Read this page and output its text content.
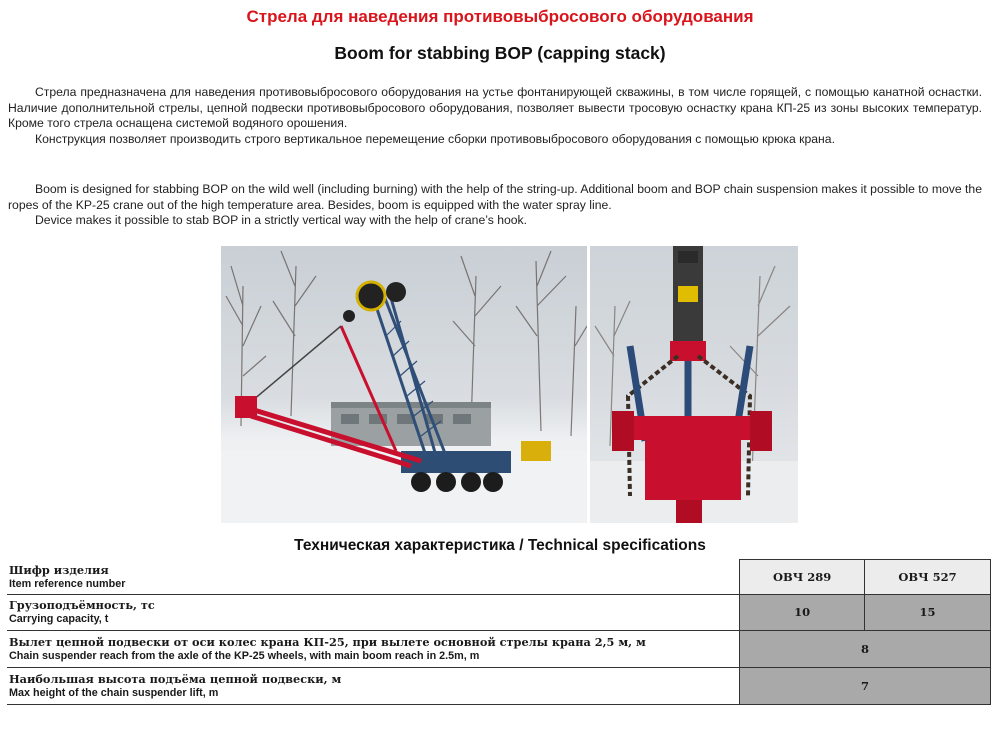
Стрела для наведения противовыбросового оборудования
Boom for stabbing BOP (capping stack)

Стрела предназначена для наведения противовыбросового оборудования на устье фонтанирующей скважины, в том числе горящей, с помощью канатной оснастки. Наличие дополнительной стрелы, цепной подвески противовыбросового оборудования, позволяет вывести тросовую оснастку крана КП-25 из зоны высоких температур. Кроме того стрела оснащена системой водяного орошения.

Конструкция позволяет производить строго вертикальное перемещение сборки противовыбросового оборудования с помощью крюка крана.

Boom is designed for stabbing BOP on the wild well (including burning) with the help of the string-up. Additional boom and BOP chain suspension makes it possible to move the ropes of the KP-25 crane out of the high temperature area. Besides, boom is equipped with the water spray line.

Device makes it possible to stab BOP in a strictly vertical way with the help of crane’s hook.

Техническая характеристика / Technical specifications
Шифр изделия
Item reference number	ОВЧ 289	ОВЧ 527

Грузоподъёмность, тс
Carrying capacity, t	10	15

Вылет цепной подвески от оси колес крана КП-25, при вылете основной стрелы крана 2,5 м, м
Chain suspender reach from the axle of the KP-25 wheels, with main boom reach in 2.5m, m	8	

Наибольшая высота подъёма цепной подвески, м
Max height of the chain suspender lift, m	7	
